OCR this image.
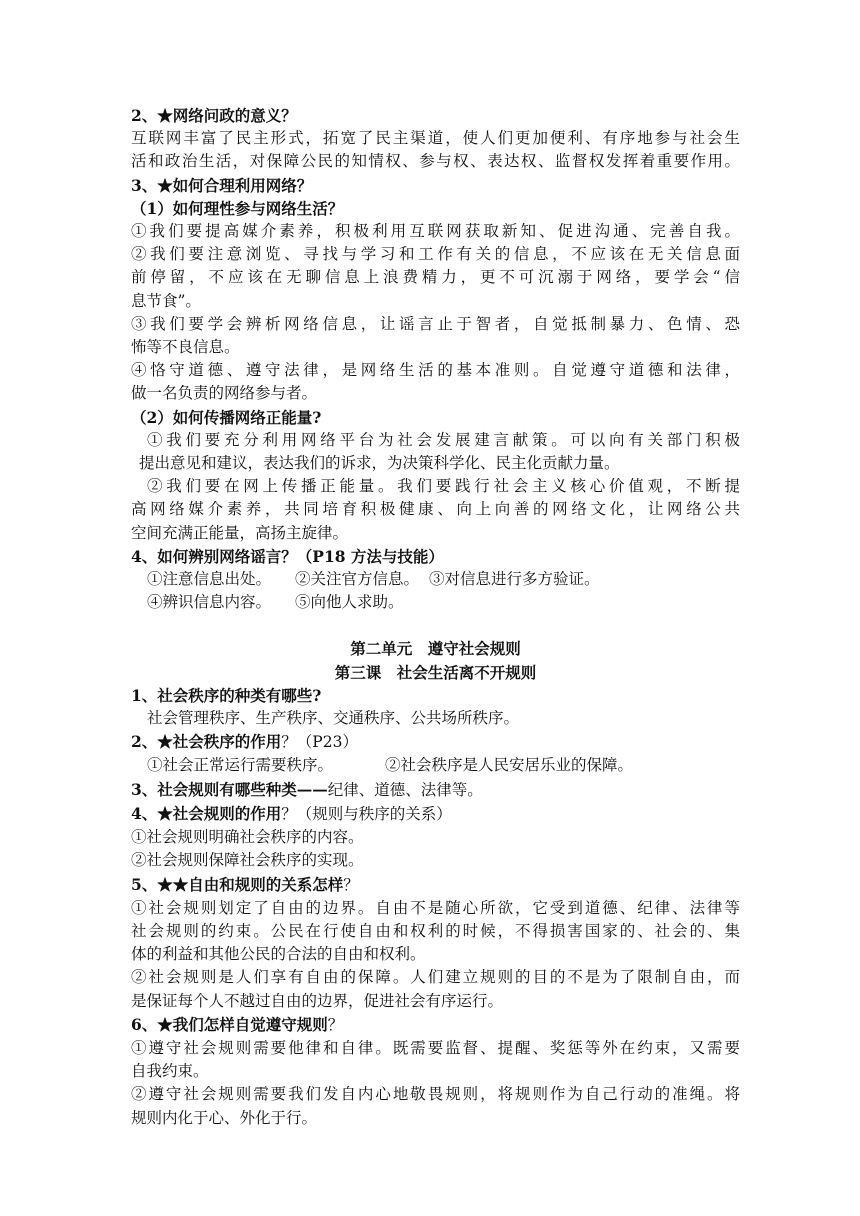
2、★网络问政的意义？
互联网丰富了民主形式，拓宽了民主渠道，使人们更加便利、有序地参与社会生
活和政治生活，对保障公民的知情权、参与权、表达权、监督权发挥着重要作用。
3、★如何合理利用网络？
（1）如何理性参与网络生活？
①我们要提高媒介素养，积极利用互联网获取新知、促进沟通、完善自我。
②我们要注意浏览、寻找与学习和工作有关的信息，不应该在无关信息面
前停留，不应该在无聊信息上浪费精力，更不可沉溺于网络，要学会“信
息节食”。
③我们要学会辨析网络信息，让谣言止于智者，自觉抵制暴力、色情、恐
怖等不良信息。
④恪守道德、遵守法律，是网络生活的基本准则。自觉遵守道德和法律，
做一名负责的网络参与者。
（2）如何传播网络正能量?
①我们要充分利用网络平台为社会发展建言献策。可以向有关部门积极
提出意见和建议，表达我们的诉求，为决策科学化、民主化贡献力量。
②我们要在网上传播正能量。我们要践行社会主义核心价值观，不断提
高网络媒介素养，共同培育积极健康、向上向善的网络文化，让网络公共
空间充满正能量，高扬主旋律。
4、如何辨别网络谣言？（P18 方法与技能）
①注意信息出处。 ②关注官方信息。 ③对信息进行多方验证。
④辨识信息内容。 ⑤向他人求助。
第二单元　遵守社会规则
第三课　社会生活离不开规则
1、社会秩序的种类有哪些?
社会管理秩序、生产秩序、交通秩序、公共场所秩序。
2、★社会秩序的作用？（P23）
①社会正常运行需要秩序。	②社会秩序是人民安居乐业的保障。
3、社会规则有哪些种类——纪律、道德、法律等。
4、★社会规则的作用？（规则与秩序的关系）
①社会规则明确社会秩序的内容。
②社会规则保障社会秩序的实现。
5、★★自由和规则的关系怎样？
①社会规则划定了自由的边界。自由不是随心所欲，它受到道德、纪律、法律等
社会规则的约束。公民在行使自由和权利的时候，不得损害国家的、社会的、集
体的利益和其他公民的合法的自由和权利。
②社会规则是人们享有自由的保障。人们建立规则的目的不是为了限制自由，而
是保证每个人不越过自由的边界，促进社会有序运行。
6、★我们怎样自觉遵守规则？
①遵守社会规则需要他律和自律。既需要监督、提醒、奖惩等外在约束，又需要
自我约束。
②遵守社会规则需要我们发自内心地敬畏规则，将规则作为自己行动的准绳。将
规则内化于心、外化于行。
